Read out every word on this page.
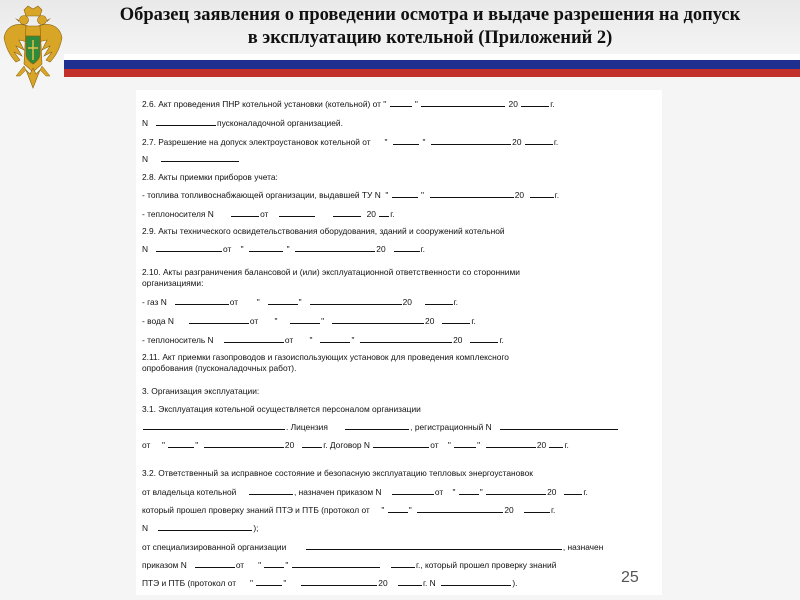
Образец заявления о проведении осмотра и выдаче разрешения на допуск
в эксплуатацию котельной (Приложений 2)
2.6. Акт проведения ПНР котельной установки (котельной) от "	"	20	г.
N	пусконаладочной организацией.
2.7. Разрешение на допуск электроустановок котельной от "	"	20	г.
N
2.8. Акты приемки приборов учета:
- топлива топливоснабжающей организации, выдавшей ТУ N "	"	20	г.
- теплоносителя N	от	20 г.
2.9. Акты технического освидетельствования оборудования, зданий и сооружений котельной
N	от "	"	20	г.
2.10. Акты разграничения балансовой и (или) эксплуатационной ответственности со сторонними
организациями:
- газ N	от "	"	20	г.
- вода N	от "	"	20	г.
- теплоноситель N	от "	"	20	г.
2.11. Акт приемки газопроводов и газоиспользующих установок для проведения комплексного
опробования (пусконаладочных работ).
3. Организация эксплуатации:
3.1. Эксплуатация котельной осуществляется персоналом организации
. Лицензия	, регистрационный N
от "	"	20	г. Договор N	от "	"	20 г.
3.2. Ответственный за исправное состояние и безопасную эксплуатацию тепловых энергоустановок
от владельца котельной	, назначен приказом N	от "	"	20	г.
который прошел проверку знаний ПТЭ и ПТБ (протокол от "	"	20	г.
N	);
от специализированной организации	, назначен
приказом N	от "	"	г., который прошел проверку знаний
ПТЭ и ПТБ (протокол от "	"	20	г. N	).	25
